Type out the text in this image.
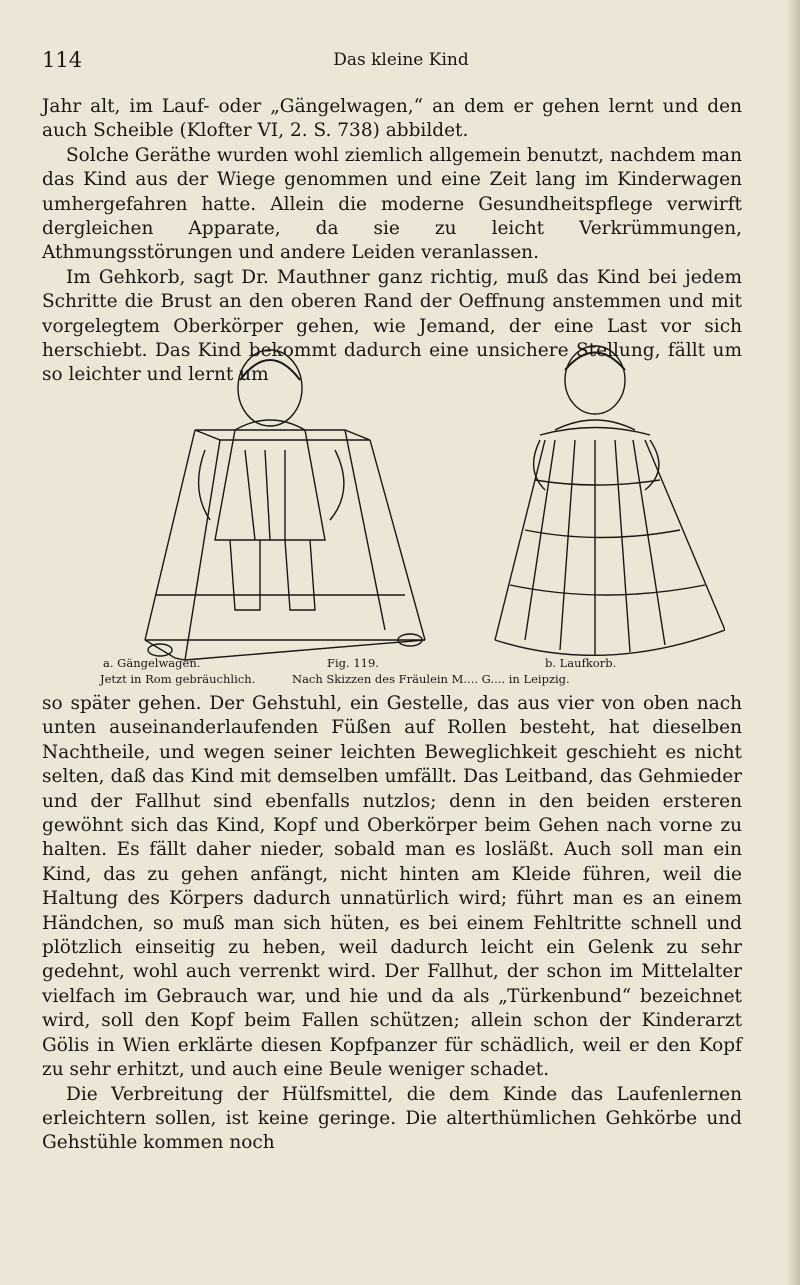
114	Das kleine Kind

Jahr alt, im Lauf- oder „Gängelwagen,“ an dem er gehen lernt und den auch Scheible (Klofter VI, 2. S. 738) abbildet.

Solche Geräthe wurden wohl ziemlich allgemein benutzt, nachdem man das Kind aus der Wiege genommen und eine Zeit lang im Kinderwagen umhergefahren hatte. Allein die moderne Gesundheitspflege verwirft dergleichen Apparate, da sie zu leicht Verkrümmungen, Athmungsstörungen und andere Leiden veranlassen.

Im Gehkorb, sagt Dr. Mauthner ganz richtig, muß das Kind bei jedem Schritte die Brust an den oberen Rand der Oeffnung anstemmen und mit vorgelegtem Oberkörper gehen, wie Jemand, der eine Last vor sich herschiebt. Das Kind bekommt dadurch eine unsichere Stellung, fällt um so leichter und lernt um

a. Gängelwagen.	Fig. 119.	b. Laufkorb.
Jetzt in Rom gebräuchlich.	Nach Skizzen des Fräulein M.... G.... in Leipzig.

so später gehen. Der Gehstuhl, ein Gestelle, das aus vier von oben nach unten auseinanderlaufenden Füßen auf Rollen besteht, hat dieselben Nachtheile, und wegen seiner leichten Beweglichkeit geschieht es nicht selten, daß das Kind mit demselben umfällt. Das Leitband, das Gehmieder und der Fallhut sind ebenfalls nutzlos; denn in den beiden ersteren gewöhnt sich das Kind, Kopf und Oberkörper beim Gehen nach vorne zu halten. Es fällt daher nieder, sobald man es losläßt. Auch soll man ein Kind, das zu gehen anfängt, nicht hinten am Kleide führen, weil die Haltung des Körpers dadurch unnatürlich wird; führt man es an einem Händchen, so muß man sich hüten, es bei einem Fehltritte schnell und plötzlich einseitig zu heben, weil dadurch leicht ein Gelenk zu sehr gedehnt, wohl auch verrenkt wird. Der Fallhut, der schon im Mittelalter vielfach im Gebrauch war, und hie und da als „Türkenbund“ bezeichnet wird, soll den Kopf beim Fallen schützen; allein schon der Kinderarzt Gölis in Wien erklärte diesen Kopfpanzer für schädlich, weil er den Kopf zu sehr erhitzt, und auch eine Beule weniger schadet.

Die Verbreitung der Hülfsmittel, die dem Kinde das Laufenlernen erleichtern sollen, ist keine geringe. Die alterthümlichen Gehkörbe und Gehstühle kommen noch
